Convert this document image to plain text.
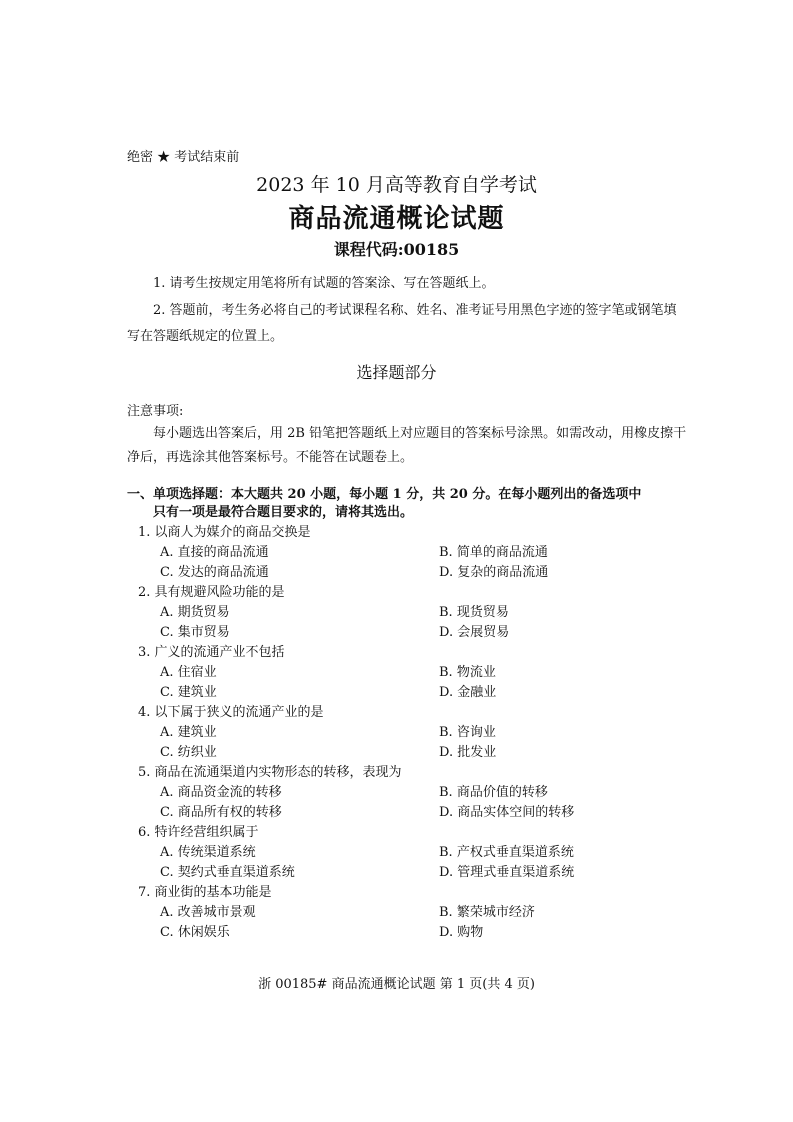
绝密 ★ 考试结束前
2023 年 10 月高等教育自学考试
商品流通概论试题
课程代码:00185
1. 请考生按规定用笔将所有试题的答案涂、写在答题纸上。
2. 答题前，考生务必将自己的考试课程名称、姓名、准考证号用黑色字迹的签字笔或钢笔填写在答题纸规定的位置上。
选择题部分
注意事项:
每小题选出答案后，用 2B 铅笔把答题纸上对应题目的答案标号涂黑。如需改动，用橡皮擦干净后，再选涂其他答案标号。不能答在试题卷上。
一、单项选择题：本大题共 20 小题，每小题 1 分，共 20 分。在每小题列出的备选项中
只有一项是最符合题目要求的，请将其选出。
1. 以商人为媒介的商品交换是
A. 直接的商品流通	B. 简单的商品流通
C. 发达的商品流通	D. 复杂的商品流通
2. 具有规避风险功能的是
A. 期货贸易	B. 现货贸易
C. 集市贸易	D. 会展贸易
3. 广义的流通产业不包括
A. 住宿业	B. 物流业
C. 建筑业	D. 金融业
4. 以下属于狭义的流通产业的是
A. 建筑业	B. 咨询业
C. 纺织业	D. 批发业
5. 商品在流通渠道内实物形态的转移，表现为
A. 商品资金流的转移	B. 商品价值的转移
C. 商品所有权的转移	D. 商品实体空间的转移
6. 特许经营组织属于
A. 传统渠道系统	B. 产权式垂直渠道系统
C. 契约式垂直渠道系统	D. 管理式垂直渠道系统
7. 商业街的基本功能是
A. 改善城市景观	B. 繁荣城市经济
C. 休闲娱乐	D. 购物
浙 00185# 商品流通概论试题 第 1 页(共 4 页)
